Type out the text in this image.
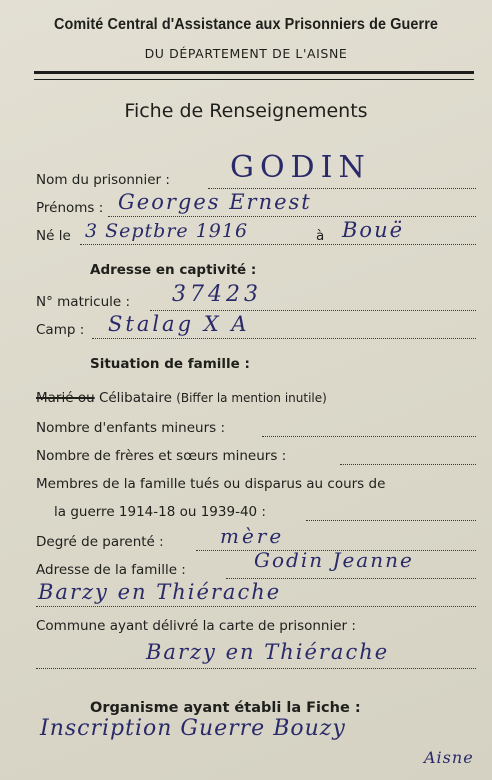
Comité Central d'Assistance aux Prisonniers de Guerre
DU DÉPARTEMENT DE L'AISNE
Fiche de Renseignements
Nom du prisonnier : GODIN
Prénoms : Georges Ernest
Né le 3 Septbre 1916	à Bouë
Adresse en captivité :
N° matricule : 37423
Camp : Stalag X A
Situation de famille :
Marié ou Célibataire (Biffer la mention inutile)
Nombre d'enfants mineurs :
Nombre de frères et sœurs mineurs :
Membres de la famille tués ou disparus au cours de
la guerre 1914-18 ou 1939-40 :
Degré de parenté :	mère
Adresse de la famille :	Godin Jeanne
Barzy en Thiérache
Commune ayant délivré la carte de prisonnier :
Barzy en Thiérache
Organisme ayant établi la Fiche :
Inscription Guerre Bouzy
Aisne
